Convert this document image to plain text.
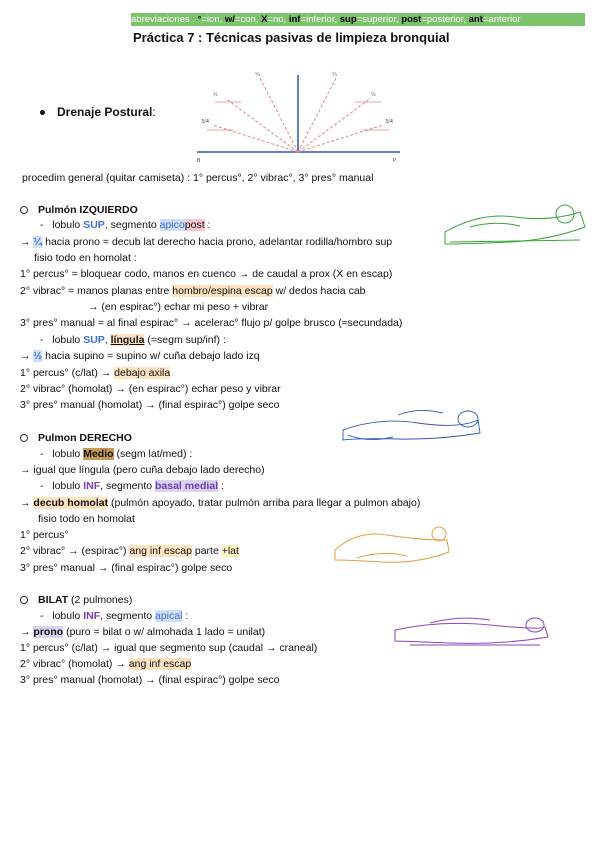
abreviaciones : °=ion, w/=con, X=no, inf=inferior, sup=superior, post=posterior, ant=anterior
Práctica 7 : Técnicas pasivas de limpieza bronquial
Drenaje Postural:
3/4
½
¼	¼
½
3/4
B	P
procedim general (quitar camiseta) : 1° percus°, 2° vibrac°, 3° pres° manual
Pulmón IZQUIERDO
-   lobulo SUP, segmento apicopost :
→ ¼ hacia prono = decub lat derecho hacia prono, adelantar rodilla/hombro sup
fisio todo en homolat :
1° percus° = bloquear codo, manos en cuenco → de caudal a prox (X en escap)
2° vibrac° = manos planas entre hombro/espina escap w/ dedos hacia cab
→ (en espirac°) echar mi peso + vibrar
3° pres° manual = al final espirac° → acelerac° flujo p/ golpe brusco (≈secundada)
-   lobulo SUP, língula (=segm sup/inf) :
→ ½ hacia supino = supino w/ cuña debajo lado izq
1° percus° (c/lat) → debajo axila
2° vibrac° (homolat) → (en espirac°) echar peso y vibrar
3° pres° manual (homolat) → (final espirac°) golpe seco
Pulmon DERECHO
-   lobulo Medio (segm lat/med) :
→ igual que língula (pero cuña debajo lado derecho)
-   lobulo INF, segmento basal medial :
→ decub homolat (pulmón apoyado, tratar pulmón arriba para llegar a pulmon abajo)
fisio todo en homolat
1° percus°
2° vibrac° → (espirac°) ang inf escap parte +lat
3° pres° manual → (final espirac°) golpe seco
BILAT (2 pulmones)
-   lobulo INF, segmento apical :
→ prono (puro = bilat o w/ almohada 1 lado = unilat)
1° percus° (c/lat) → igual que segmento sup (caudal → craneal)
2° vibrac° (homolat) → ang inf escap
3° pres° manual (homolat) → (final espirac°) golpe seco
